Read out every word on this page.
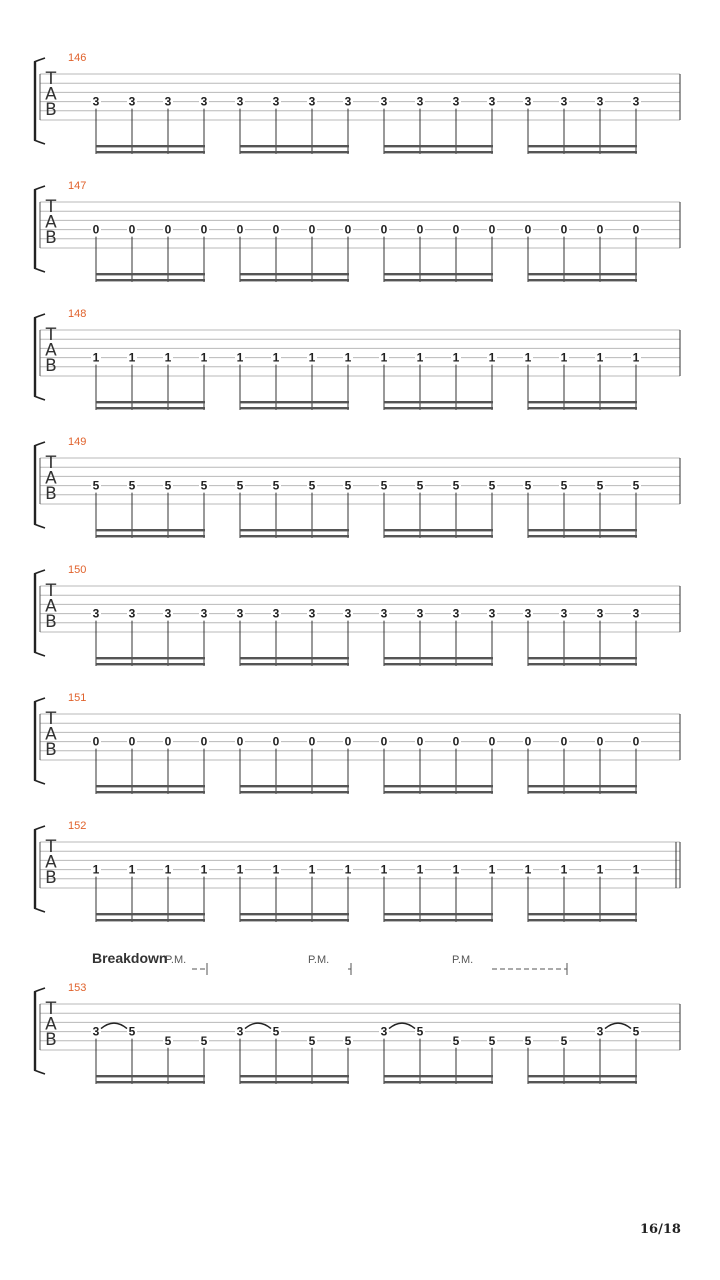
T
A
B
146
3 3 3 3 3 3 3 3 3 3 3 3 3 3 3 3
T
A
B
147
0 0 0 0 0 0 0 0 0 0 0 0 0 0 0 0
T
A
B
148
1 1 1 1 1 1 1 1 1 1 1 1 1 1 1 1
T
A
B
149
5 5 5 5 5 5 5 5 5 5 5 5 5 5 5 5
T
A
B
150
3 3 3 3 3 3 3 3 3 3 3 3 3 3 3 3
T
A
B
151
0 0 0 0 0 0 0 0 0 0 0 0 0 0 0 0
T
A
B
152
1 1 1 1 1 1 1 1 1 1 1 1 1 1 1 1
T
A
B
153
3 5
5 5
3 5
5 5
3 5
5 5 5 5
3 5
P.M.	P.M.	P.M.
Breakdown
16/18
